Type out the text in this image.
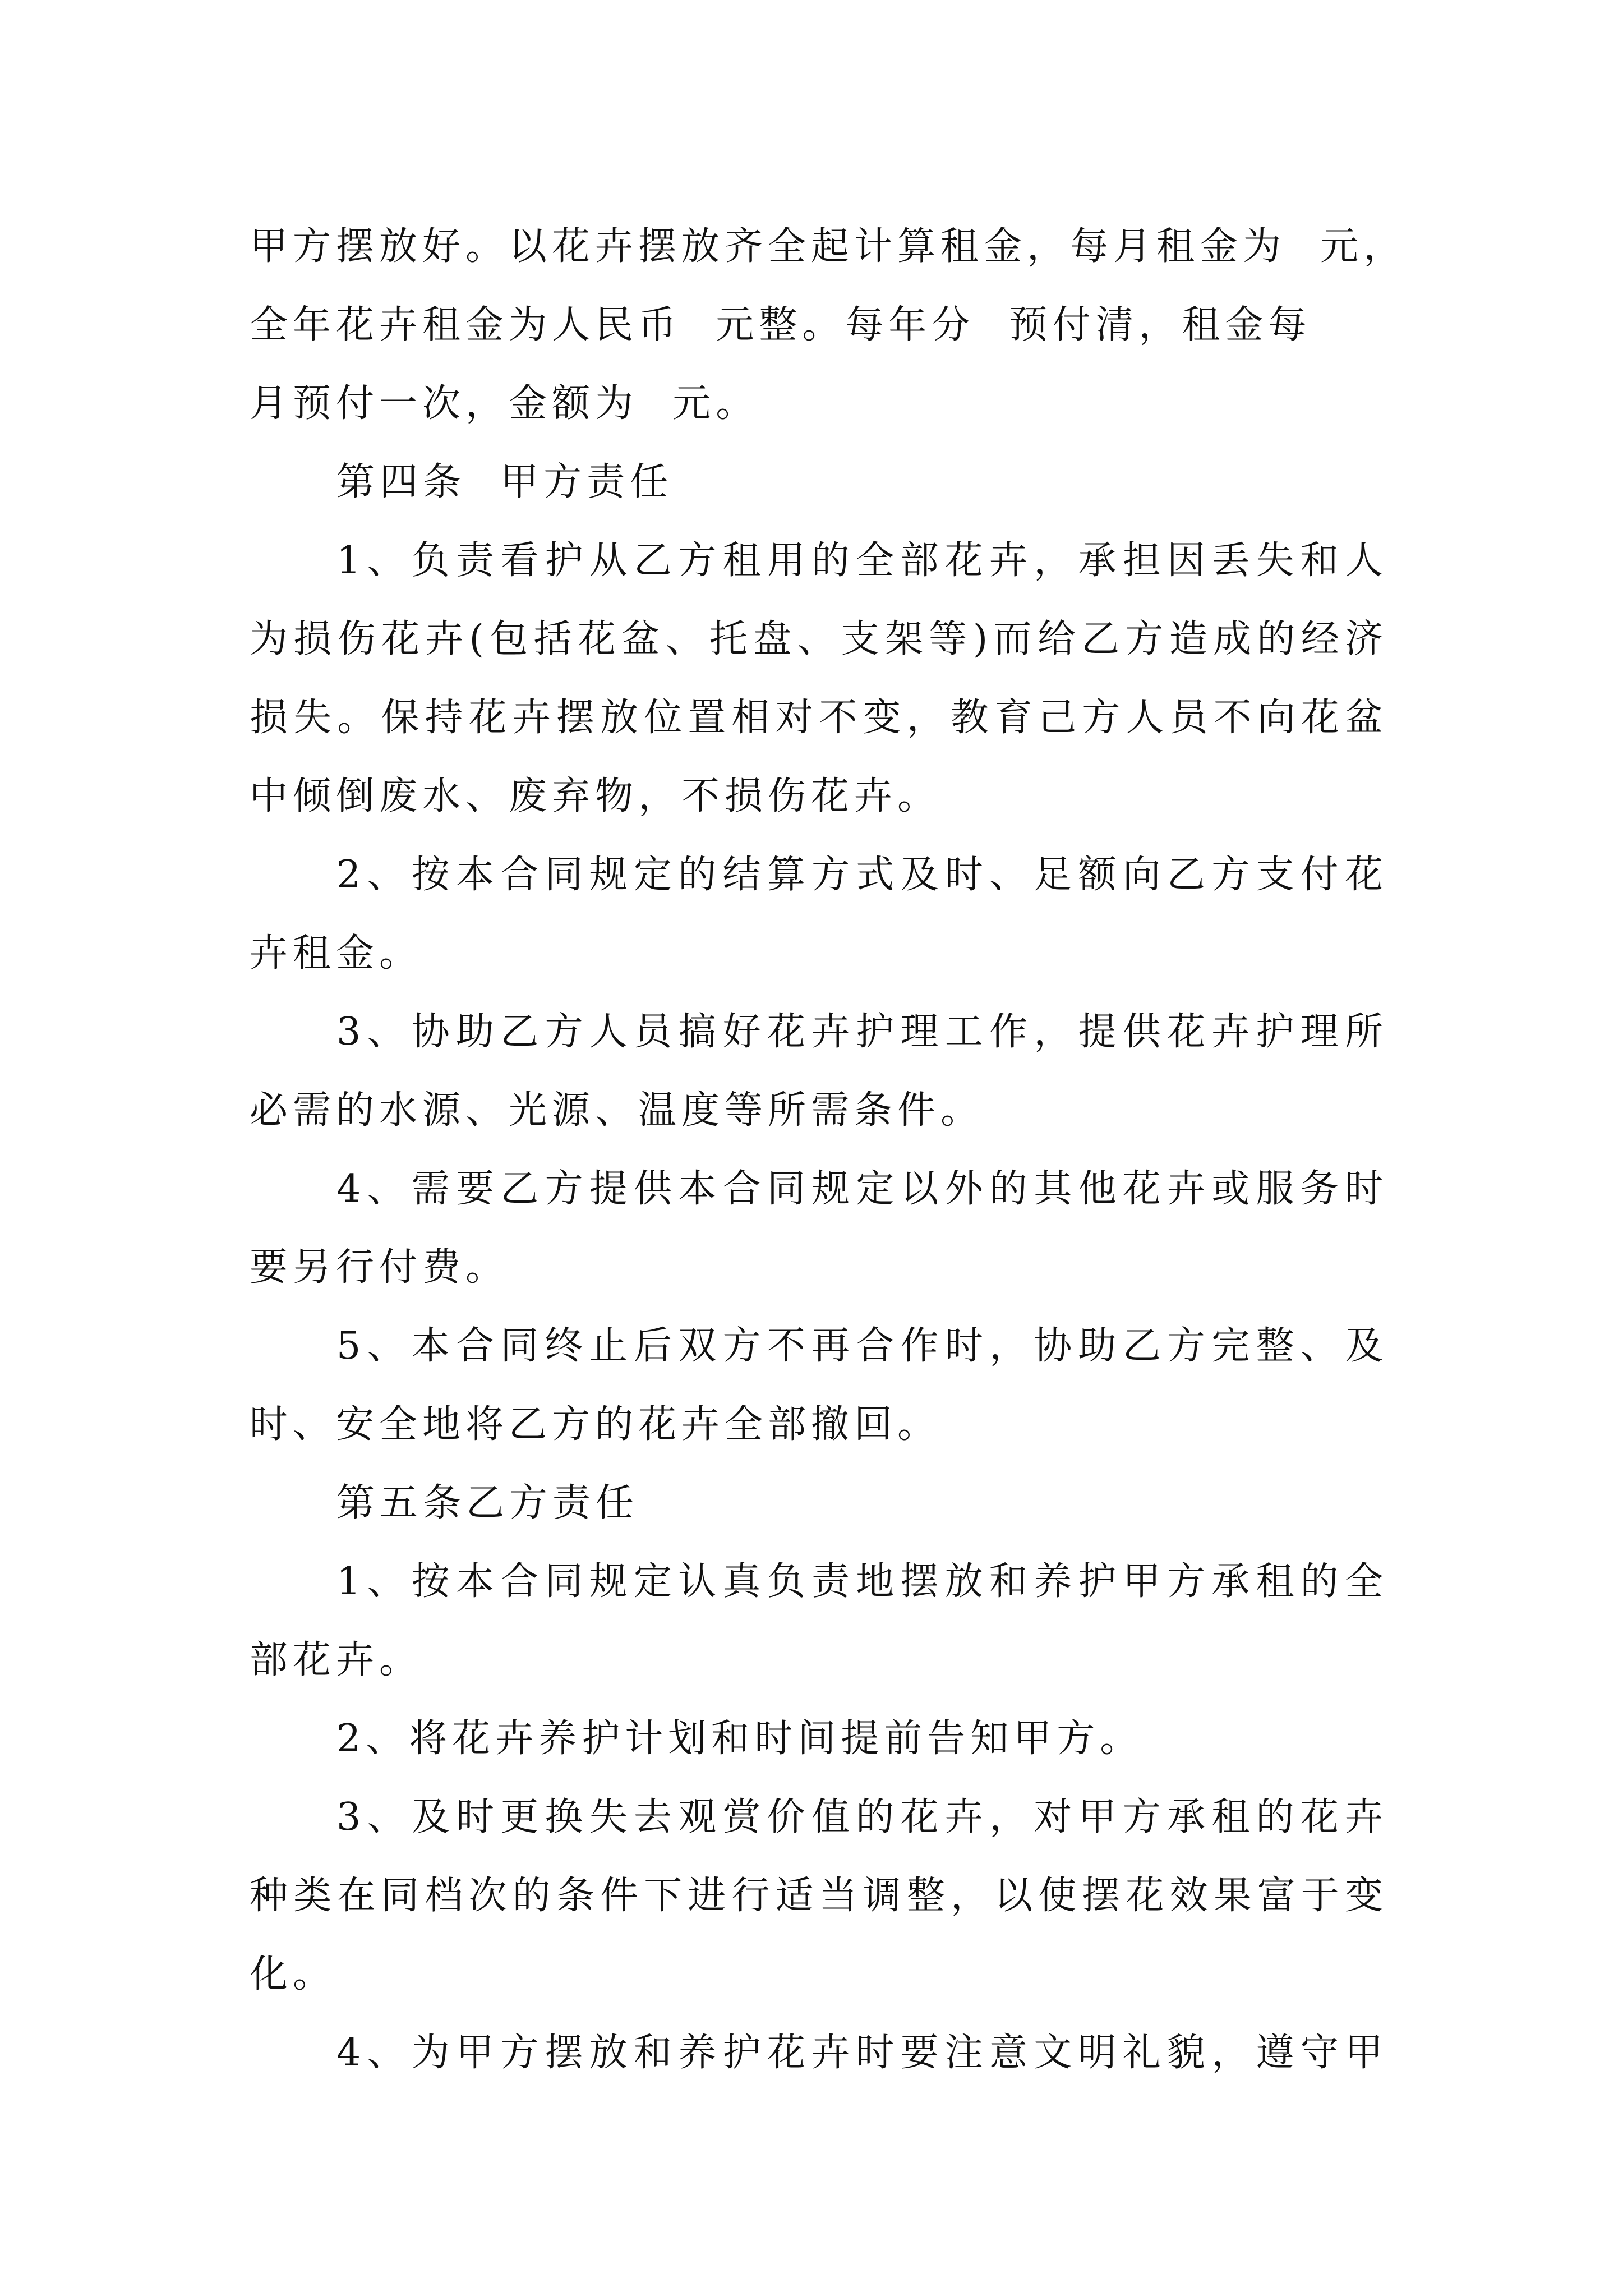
甲方摆放好。以花卉摆放齐全起计算租金，每月租金为  元，
全年花卉租金为人民币  元整。每年分  预付清，租金每
月预付一次，金额为  元。
第四条  甲方责任
1、负责看护从乙方租用的全部花卉，承担因丢失和人
为损伤花卉(包括花盆、托盘、支架等)而给乙方造成的经济
损失。保持花卉摆放位置相对不变，教育己方人员不向花盆
中倾倒废水、废弃物，不损伤花卉。
2、按本合同规定的结算方式及时、足额向乙方支付花
卉租金。
3、协助乙方人员搞好花卉护理工作，提供花卉护理所
必需的水源、光源、温度等所需条件。
4、需要乙方提供本合同规定以外的其他花卉或服务时
要另行付费。
5、本合同终止后双方不再合作时，协助乙方完整、及
时、安全地将乙方的花卉全部撤回。
第五条乙方责任
1、按本合同规定认真负责地摆放和养护甲方承租的全
部花卉。
2、将花卉养护计划和时间提前告知甲方。
3、及时更换失去观赏价值的花卉，对甲方承租的花卉
种类在同档次的条件下进行适当调整，以使摆花效果富于变
化。
4、为甲方摆放和养护花卉时要注意文明礼貌，遵守甲
